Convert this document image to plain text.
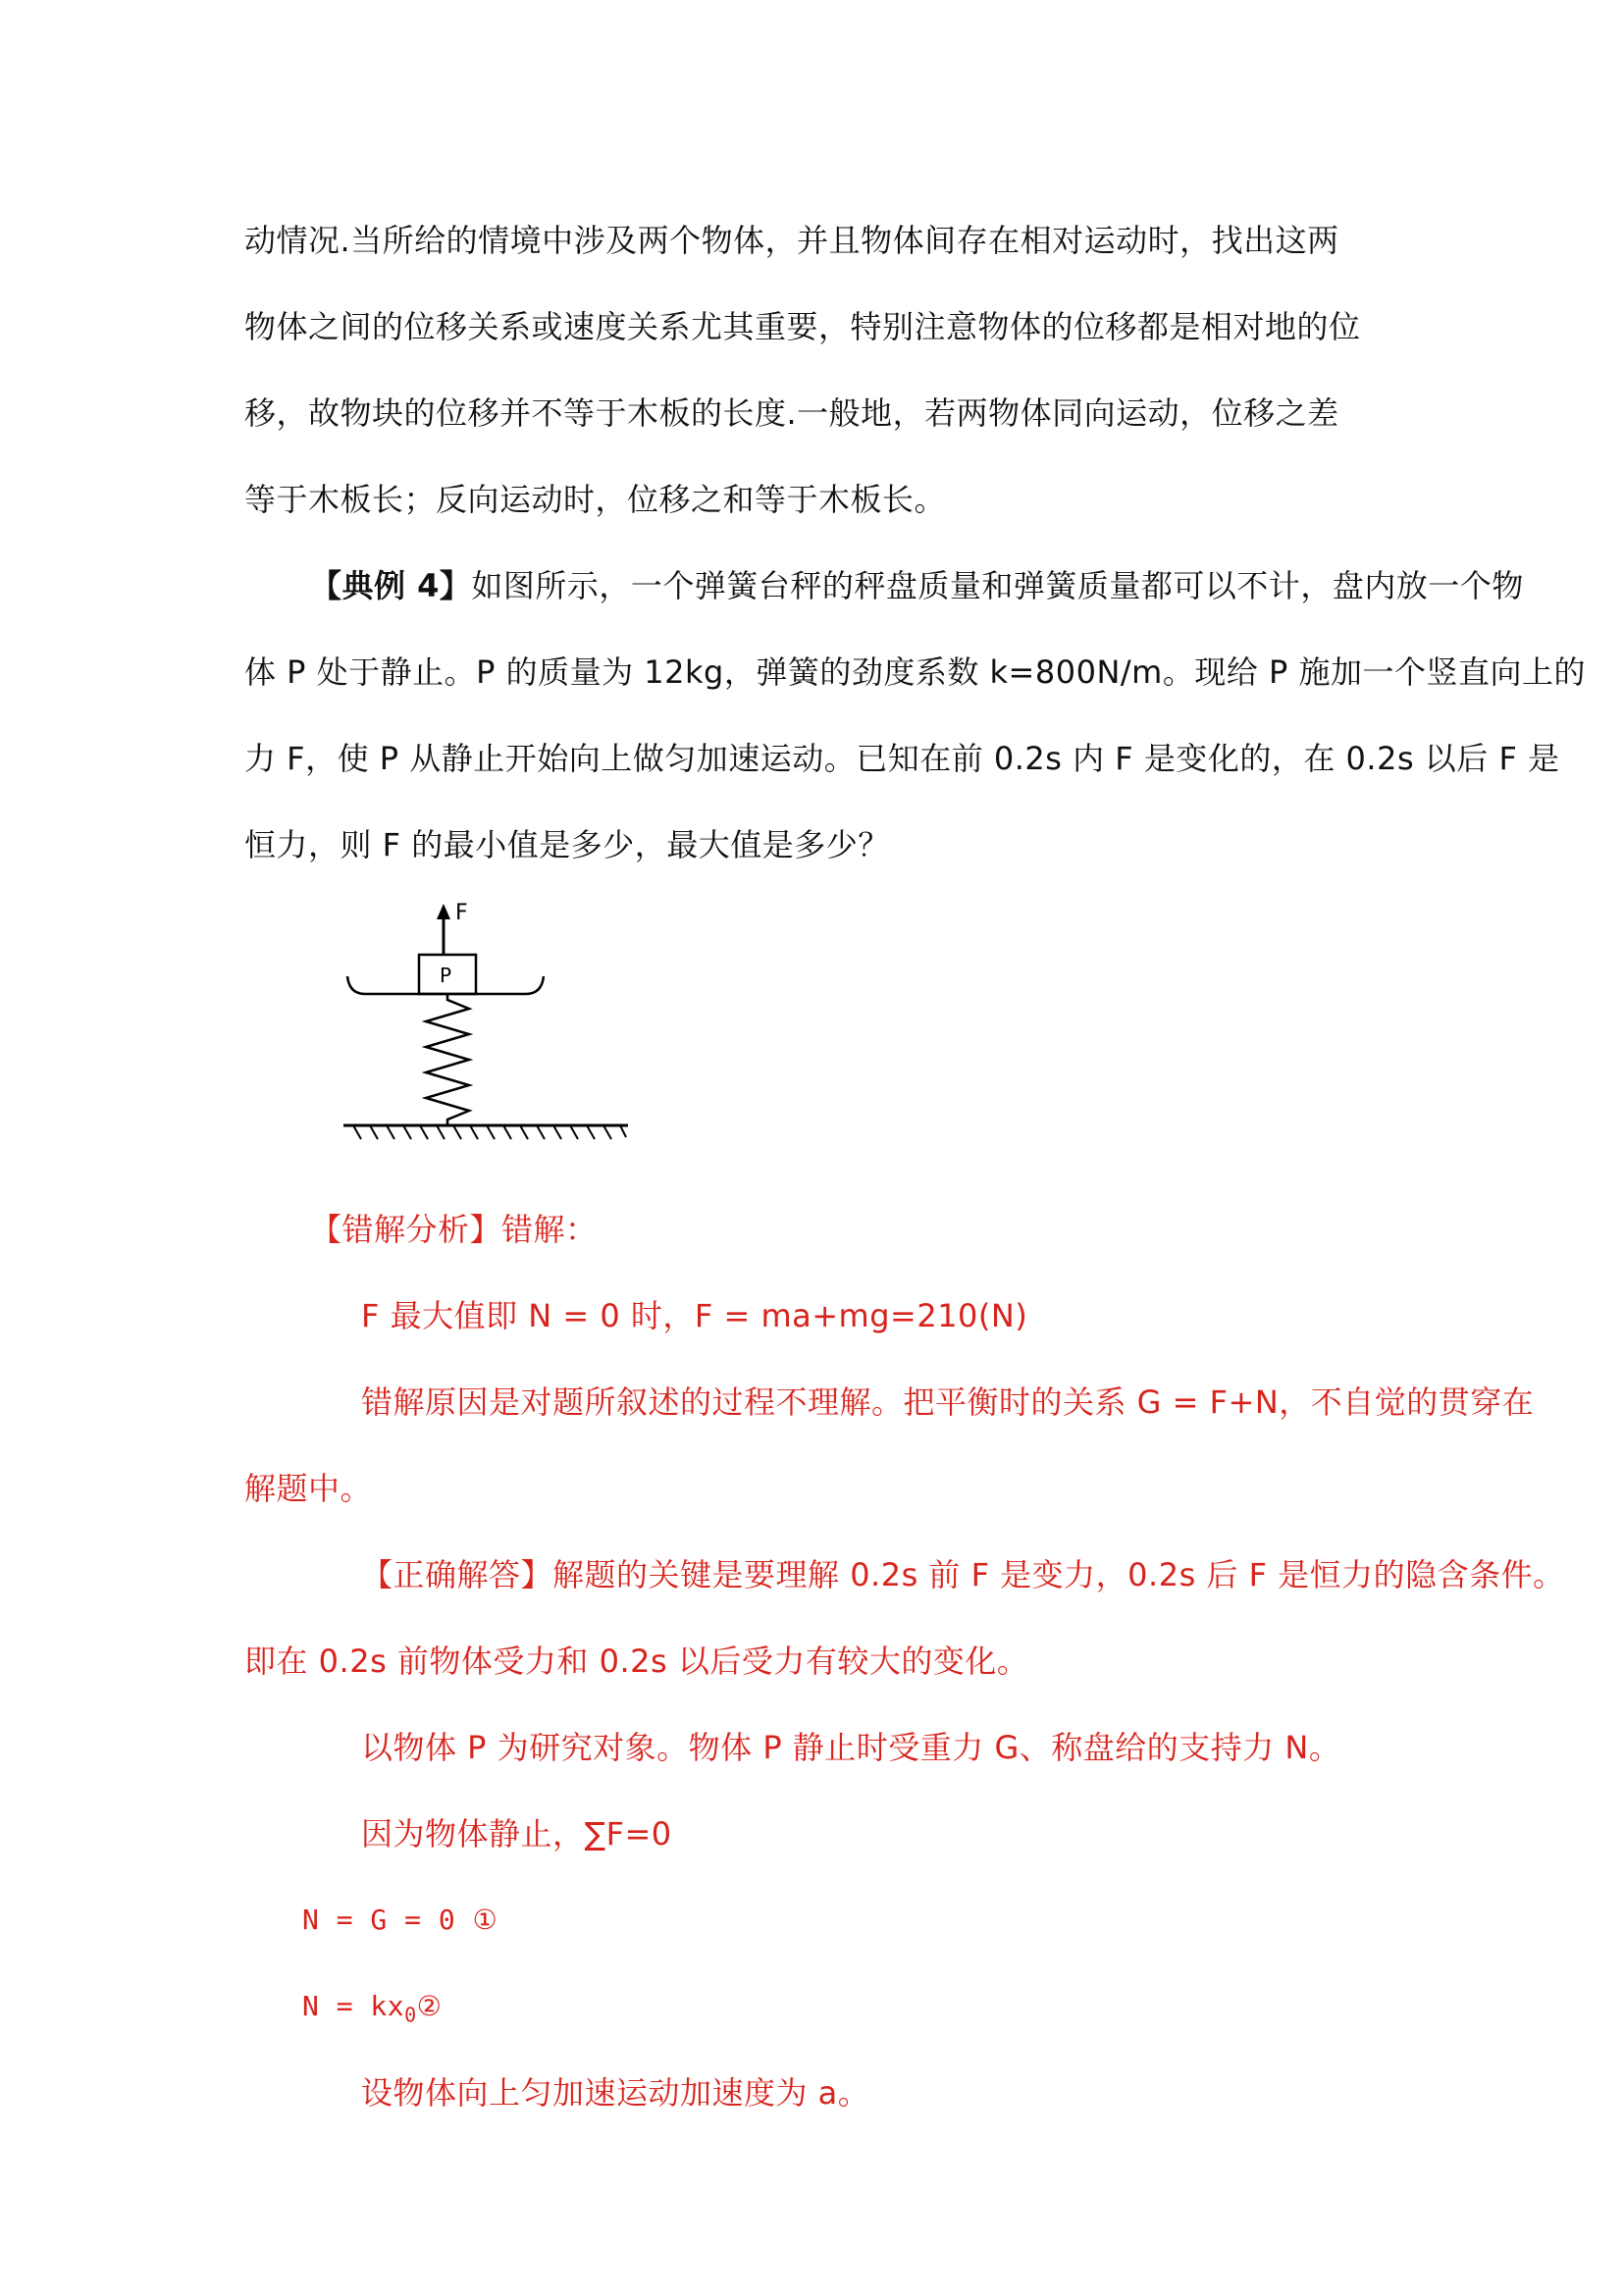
动情况.当所给的情境中涉及两个物体，并且物体间存在相对运动时，找出这两
物体之间的位移关系或速度关系尤其重要，特别注意物体的位移都是相对地的位
移，故物块的位移并不等于木板的长度.一般地，若两物体同向运动，位移之差
等于木板长；反向运动时，位移之和等于木板长。
【典例 4】如图所示，一个弹簧台秤的秤盘质量和弹簧质量都可以不计，盘内放一个物
体 P 处于静止。P 的质量为 12kg，弹簧的劲度系数 k=800N/m。现给 P 施加一个竖直向上的
力 F，使 P 从静止开始向上做匀加速运动。已知在前 0.2s 内 F 是变化的，在 0.2s 以后 F 是
恒力，则 F 的最小值是多少，最大值是多少？
F
P
【错解分析】错解：
F 最大值即 N = 0 时，F = ma+mg=210(N)
错解原因是对题所叙述的过程不理解。把平衡时的关系 G = F+N，不自觉的贯穿在
解题中。
【正确解答】解题的关键是要理解 0.2s 前 F 是变力，0.2s 后 F 是恒力的隐含条件。
即在 0.2s 前物体受力和 0.2s 以后受力有较大的变化。
以物体 P 为研究对象。物体 P 静止时受重力 G、称盘给的支持力 N。
因为物体静止，∑F=0
N = G = 0 ①
$N = kx_0②$
设物体向上匀加速运动加速度为 a。
